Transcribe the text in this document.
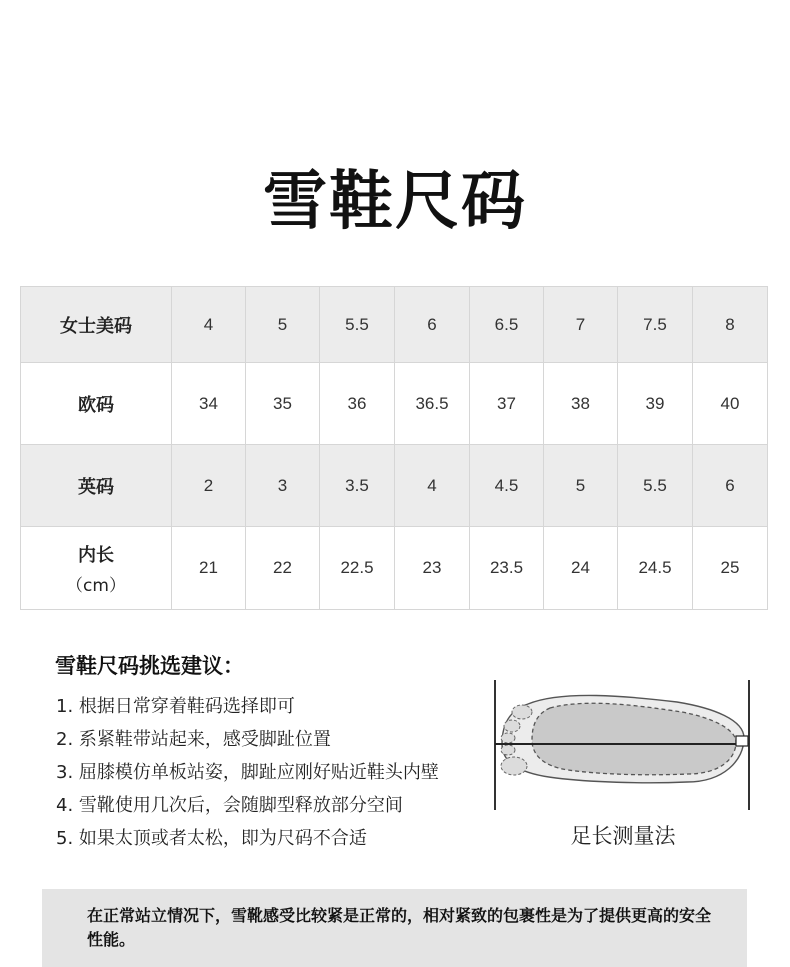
雪鞋尺码
女士美码	4	5	5.5	6	6.5	7	7.5	8
欧码	34	35	36	36.5	37	38	39	40
英码	2	3	3.5	4	4.5	5	5.5	6
内长
（cm）	21	22	22.5	23	23.5	24	24.5	25
雪鞋尺码挑选建议：
1. 根据日常穿着鞋码选择即可
2. 系紧鞋带站起来，感受脚趾位置
3. 屈膝模仿单板站姿，脚趾应刚好贴近鞋头内壁
4. 雪靴使用几次后，会随脚型释放部分空间
5. 如果太顶或者太松，即为尺码不合适	足长测量法
在正常站立情况下，雪靴感受比较紧是正常的，相对紧致的包裹性是为了提供更高的安全性能。
